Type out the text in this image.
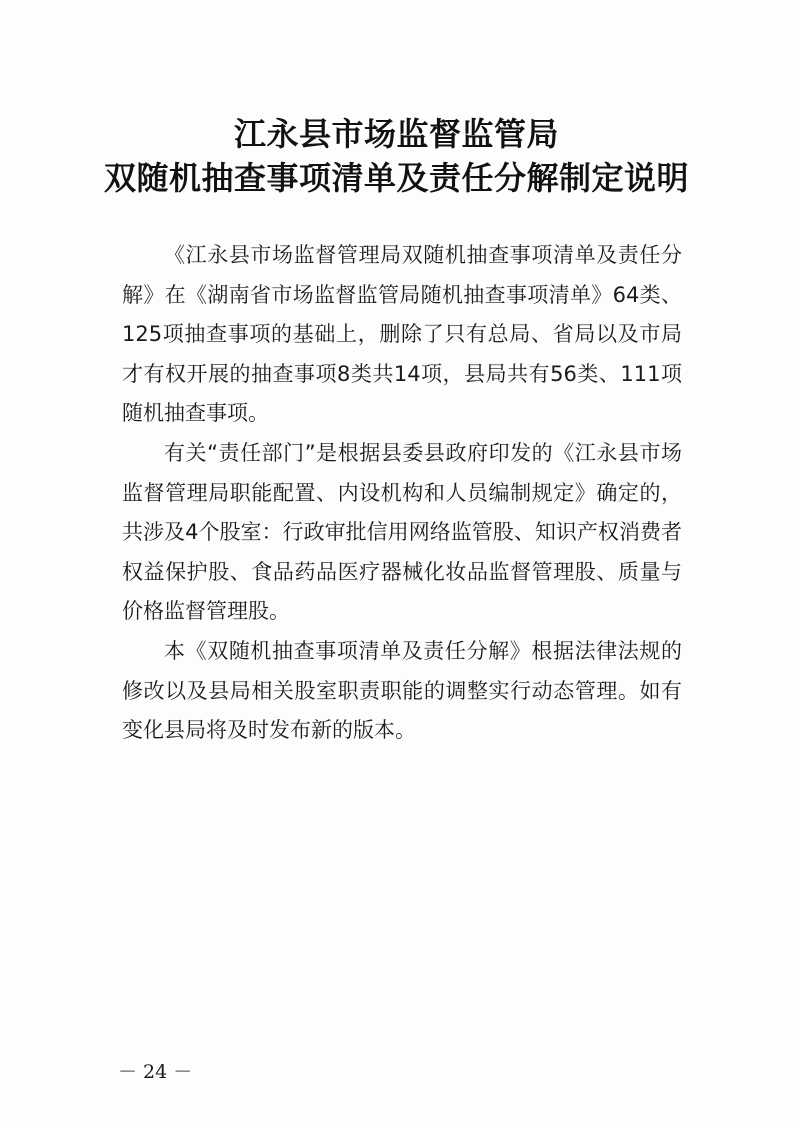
江永县市场监督监管局
双随机抽查事项清单及责任分解制定说明

《江永县市场监督管理局双随机抽查事项清单及责任分解》在《湖南省市场监督监管局随机抽查事项清单》64类、125项抽查事项的基础上，删除了只有总局、省局以及市局才有权开展的抽查事项8类共14项，县局共有56类、111项随机抽查事项。

有关“责任部门”是根据县委县政府印发的《江永县市场监督管理局职能配置、内设机构和人员编制规定》确定的，共涉及4个股室：行政审批信用网络监管股、知识产权消费者权益保护股、食品药品医疗器械化妆品监督管理股、质量与价格监督管理股。

本《双随机抽查事项清单及责任分解》根据法律法规的修改以及县局相关股室职责职能的调整实行动态管理。如有变化县局将及时发布新的版本。

－ 24 －
